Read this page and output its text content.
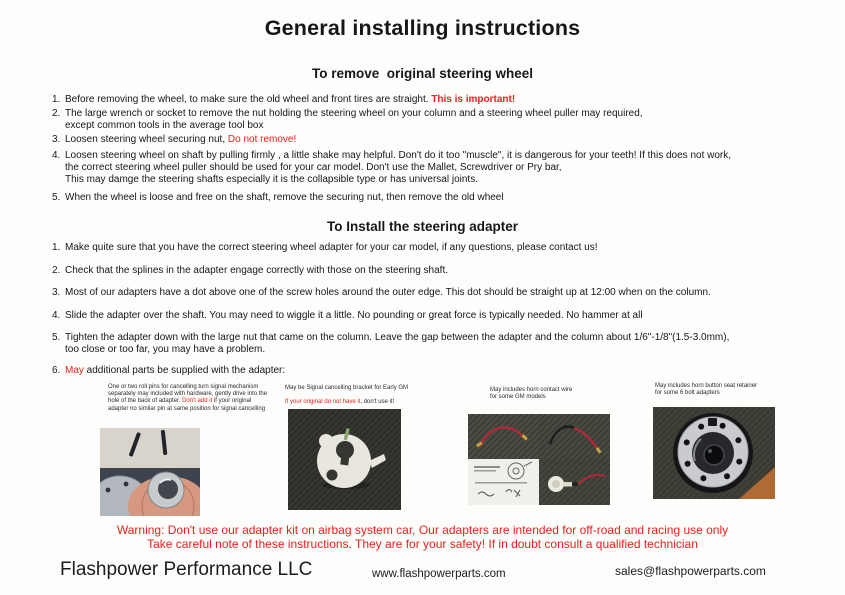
General installing instructions
To remove  original steering wheel
1. Before removing the wheel, to make sure the old wheel and front tires are straight. This is important!
2. The large wrench or socket to remove the nut holding the steering wheel on your column and a steering wheel puller may required,
except common tools in the average tool box
3. Loosen steering wheel securing nut, Do not remove!
4. Loosen steering wheel on shaft by pulling firmly , a little shake may helpful. Don't do it too "muscle", it is dangerous for your teeth! If this does not work,
the correct steering wheel puller should be used for your car model. Don't use the Mallet, Screwdriver or Pry bar,
This may damge the steering shafts especially it is the collapsible type or has universal joints.
5. When the wheel is loose and free on the shaft, remove the securing nut, then remove the old wheel
To Install the steering adapter
1. Make quite sure that you have the correct steering wheel adapter for your car model, if any questions, please contact us!
2. Check that the splines in the adapter engage correctly with those on the steering shaft.
3. Most of our adapters have a dot above one of the screw holes around the outer edge. This dot should be straight up at 12:00 when on the column.
4. Slide the adapter over the shaft. You may need to wiggle it a little. No pounding or great force is typically needed. No hammer at all
5. Tighten the adapter down with the large nut that came on the column. Leave the gap between the adapter and the column about 1/6"-1/8"(1.5-3.0mm),
too close or too far, you may have a problem.
6. May additional parts be supplied with the adapter:
One or two roll pins for cancelling turn signal mechanism
separately may included with hardware, gently drive into the
hole of the back of adapter. Don't add it if your original
adapter no similar pin at same position for signal cancelling
May be Signal cancelling bracket for Early GM

If your original do not have it, don't use it!
May includes horn contact wire
for some GM models
May includes horn button seat retainer
for some 6 bolt adapters
Warning: Don't use our adapter kit on airbag system car, Our adapters are intended for off-road and racing use only
Take careful note of these instructions. They are for your safety! If in doubt consult a qualified technician
Flashpower Performance LLC	www.flashpowerparts.com	sales@flashpowerparts.com
